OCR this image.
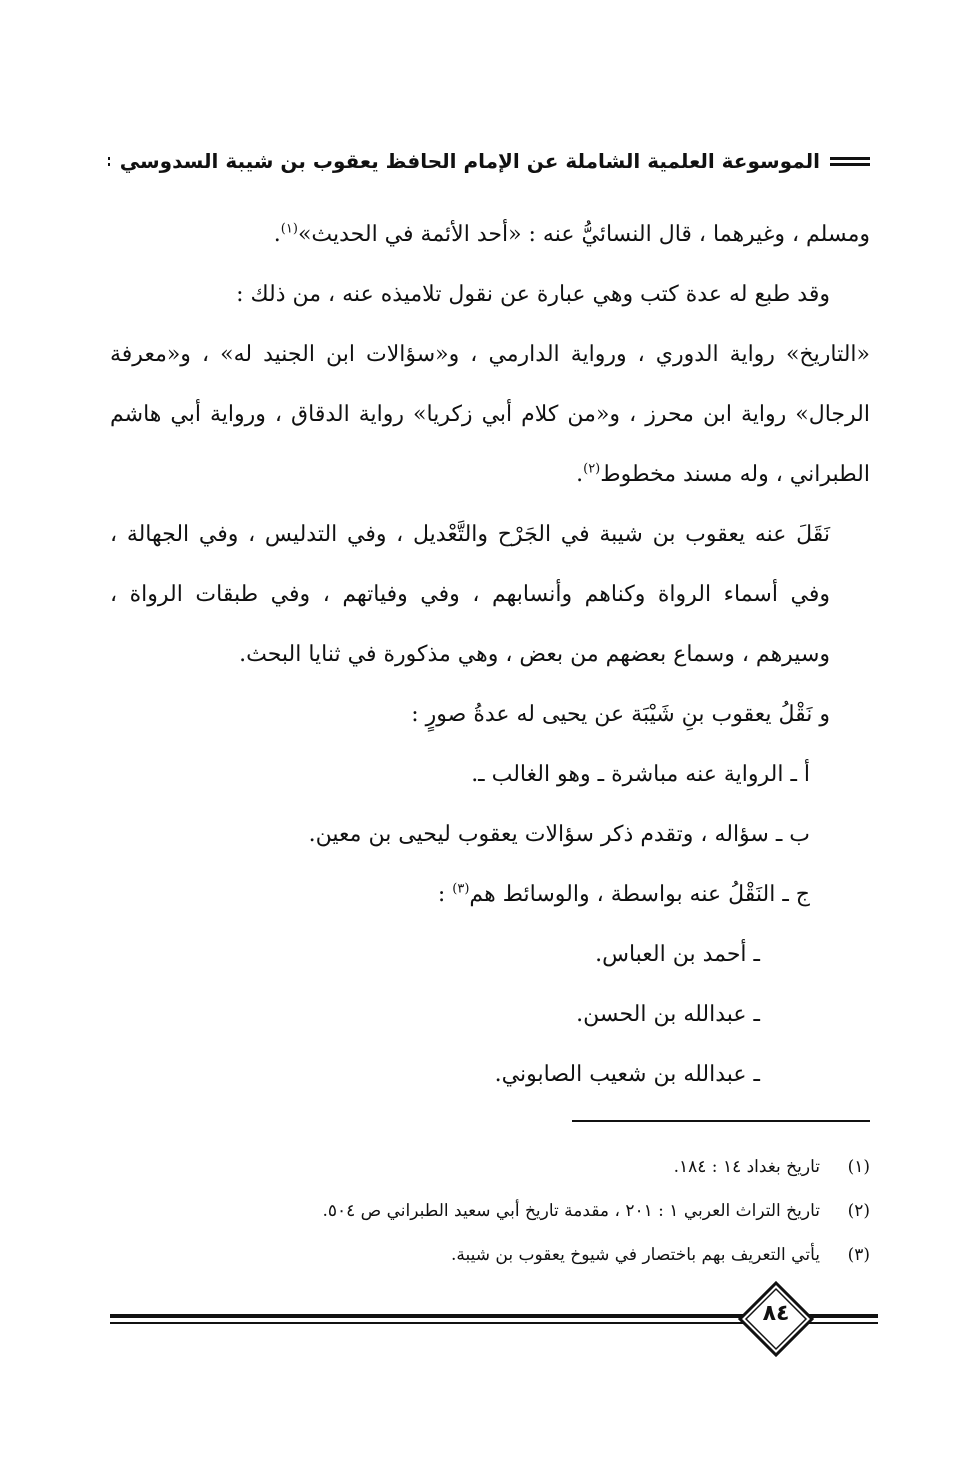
الموسوعة العلمية الشاملة عن الإمام الحافظ يعقوب بن شيبة السدوسي

ومسلم ، وغيرهما ، قال النسائيُّ عنه : «أحد الأئمة في الحديث»$^{(١)}$.

وقد طبع له عدة كتب وهي عبارة عن نقول تلاميذه عنه ، من ذلك :

«التاريخ» رواية الدوري ، ورواية الدارمي ، و«سؤالات ابن الجنيد له» ، و«معرفة الرجال» رواية ابن محرز ، و«من كلام أبي زكريا» رواية الدقاق ، ورواية أبي هاشم الطبراني ، وله مسند مخطوط$^{(٢)}$.

نَقَلَ عنه يعقوب بن شيبة في الجَرْح والتَّعْديل ، وفي التدليس ، وفي الجهالة ، وفي أسماء الرواة وكناهم وأنسابهم ، وفي وفياتهم ، وفي طبقات الرواة ، وسيرهم ، وسماع بعضهم من بعض ، وهي مذكورة في ثنايا البحث.

و نَقْلُ يعقوب بنِ شَيْبَة عن يحيى له عدةُ صورٍ :

أ ـ الرواية عنه مباشرة ـ وهو الغالب ـ.

ب ـ سؤاله ، وتقدم ذكر سؤالات يعقوب ليحيى بن معين.

ج ـ النَقْلُ عنه بواسطة ، والوسائط هم$^{(٣)}$ :

ـ أحمد بن العباس.

ـ عبدالله بن الحسن.

ـ عبدالله بن شعيب الصابوني.

(١)
تاريخ بغداد ١٤ : ١٨٤.
(٢)
تاريخ التراث العربي ١ : ٢٠١ ، مقدمة تاريخ أبي سعيد الطبراني ص ٥٠٤.
(٣)
يأتي التعريف بهم باختصار في شيوخ يعقوب بن شيبة.
٨٤
